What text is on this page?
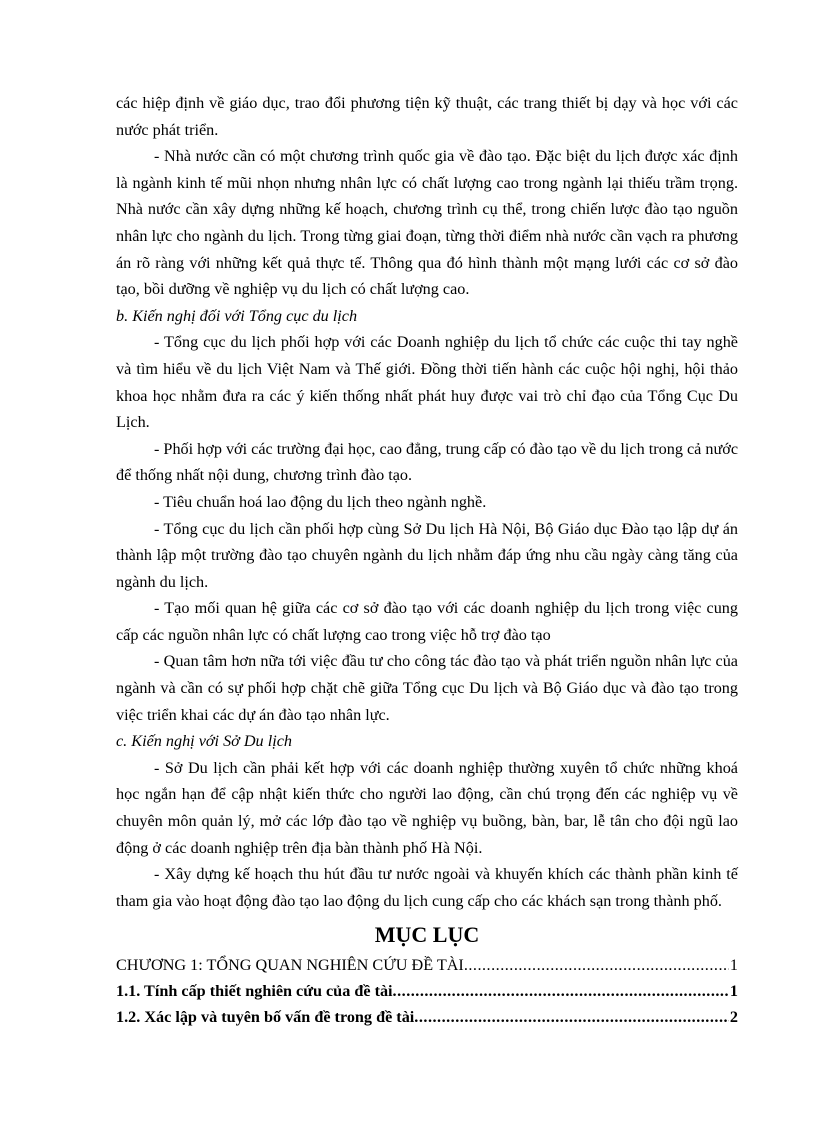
các hiệp định về giáo dục, trao đổi phương tiện kỹ thuật, các trang thiết bị dạy và học với các nước phát triển.

- Nhà nước cần có một chương trình quốc gia về đào tạo. Đặc biệt du lịch được xác định là ngành kinh tế mũi nhọn nhưng nhân lực có chất lượng cao trong ngành lại thiếu trầm trọng. Nhà nước cần xây dựng những kế hoạch, chương trình cụ thể, trong chiến lược đào tạo nguồn nhân lực cho ngành du lịch. Trong từng giai đoạn, từng thời điểm nhà nước cần vạch ra phương án rõ ràng với những kết quả thực tế. Thông qua đó hình thành một mạng lưới các cơ sở đào tạo, bồi dưỡng về nghiệp vụ du lịch có chất lượng cao.

b. Kiến nghị đối với Tổng cục du lịch

- Tổng cục du lịch phối hợp với các Doanh nghiệp du lịch tổ chức các cuộc thi tay nghề và tìm hiểu về du lịch Việt Nam và Thế giới. Đồng thời tiến hành các cuộc hội nghị, hội thảo khoa học nhằm đưa ra các ý kiến thống nhất phát huy được vai trò chỉ đạo của Tổng Cục Du Lịch.

- Phối hợp với các trường đại học, cao đẳng, trung cấp có đào tạo về du lịch trong cả nước để thống nhất nội dung, chương trình đào tạo.

- Tiêu chuẩn hoá lao động du lịch theo ngành nghề.

- Tổng cục du lịch cần phối hợp cùng Sở Du lịch Hà Nội, Bộ Giáo dục Đào tạo lập dự án thành lập một trường đào tạo chuyên ngành du lịch nhằm đáp ứng nhu cầu ngày càng tăng của ngành du lịch.

- Tạo mối quan hệ giữa các cơ sở đào tạo với các doanh nghiệp du lịch trong việc cung cấp các nguồn nhân lực có chất lượng cao trong việc hỗ trợ đào tạo

- Quan tâm hơn nữa tới việc đầu tư cho công tác đào tạo và phát triển nguồn nhân lực của ngành và cần có sự phối hợp chặt chẽ giữa Tổng cục Du lịch và Bộ Giáo dục và đào tạo trong việc triển khai các dự án đào tạo nhân lực.

c. Kiến nghị với Sở Du lịch

- Sở Du lịch cần phải kết hợp với các doanh nghiệp thường xuyên tổ chức những khoá học ngắn hạn để cập nhật kiến thức cho người lao động, cần chú trọng đến các nghiệp vụ về chuyên môn quản lý, mở các lớp đào tạo về nghiệp vụ buồng, bàn, bar, lễ tân cho đội ngũ lao động ở các doanh nghiệp trên địa bàn thành phố Hà Nội.

- Xây dựng kế hoạch thu hút đầu tư nước ngoài và khuyến khích các thành phần kinh tế tham gia vào hoạt động đào tạo lao động du lịch cung cấp cho các khách sạn trong thành phố.

MỤC LỤC
CHƯƠNG 1: TỔNG QUAN NGHIÊN CỨU ĐỀ TÀI .....	1
1.1. Tính cấp thiết nghiên cứu của đề tài .....	1
1.2. Xác lập và tuyên bố vấn đề trong đề tài .....	2
